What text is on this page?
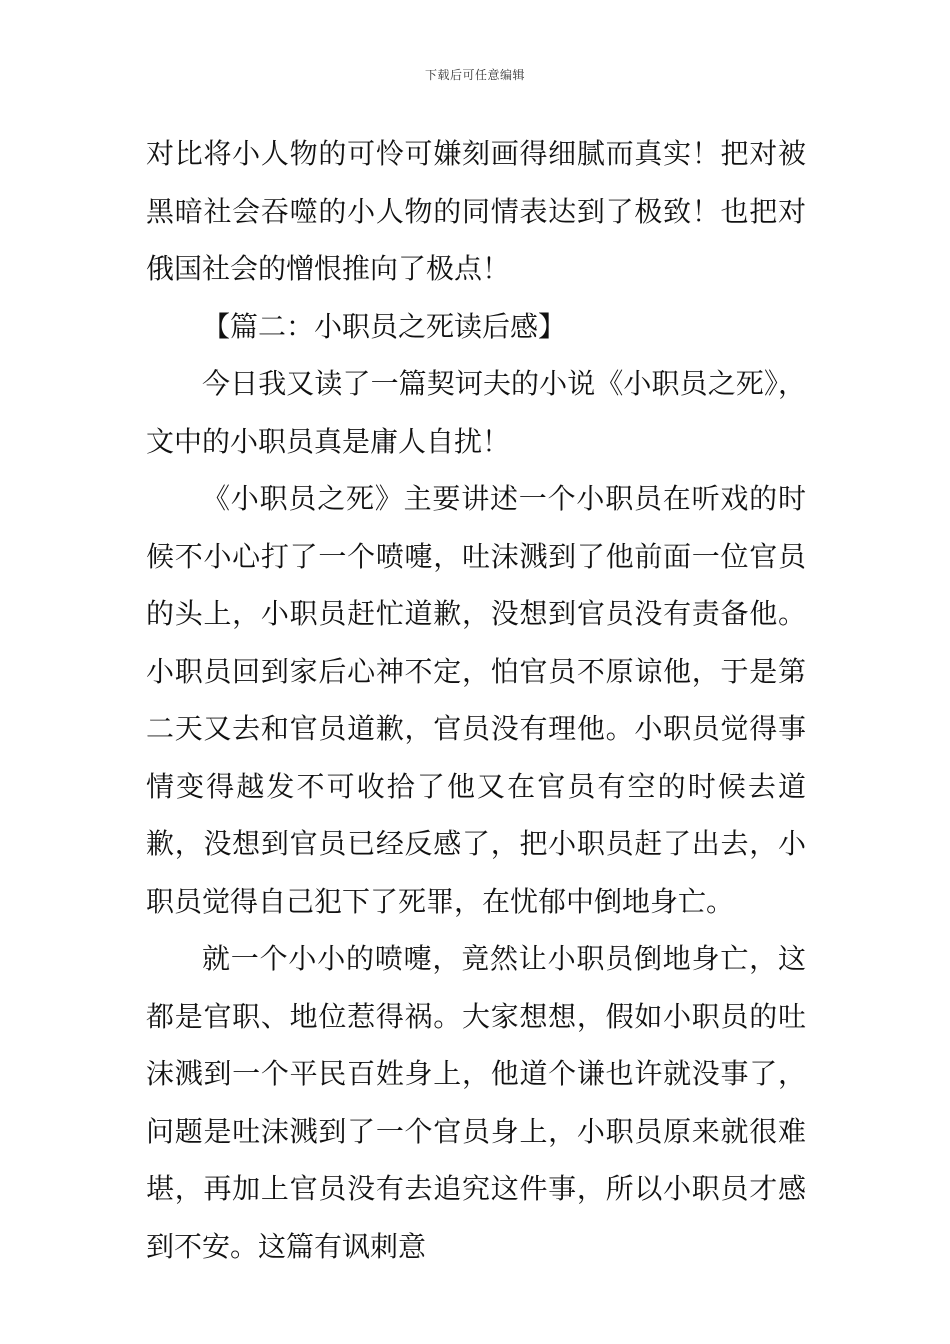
下载后可任意编辑

对比将小人物的可怜可嫌刻画得细腻而真实！把对被黑暗社会吞噬的小人物的同情表达到了极致！也把对俄国社会的憎恨推向了极点！

【篇二：小职员之死读后感】

今日我又读了一篇契诃夫的小说《小职员之死》，文中的小职员真是庸人自扰！

《小职员之死》主要讲述一个小职员在听戏的时候不小心打了一个喷嚏，吐沫溅到了他前面一位官员的头上，小职员赶忙道歉，没想到官员没有责备他。小职员回到家后心神不定，怕官员不原谅他，于是第二天又去和官员道歉，官员没有理他。小职员觉得事情变得越发不可收拾了他又在官员有空的时候去道歉，没想到官员已经反感了，把小职员赶了出去，小职员觉得自己犯下了死罪，在忧郁中倒地身亡。

就一个小小的喷嚏，竟然让小职员倒地身亡，这都是官职、地位惹得祸。大家想想，假如小职员的吐沫溅到一个平民百姓身上，他道个谦也许就没事了，问题是吐沫溅到了一个官员身上，小职员原来就很难堪，再加上官员没有去追究这件事，所以小职员才感到不安。这篇有讽刺意
